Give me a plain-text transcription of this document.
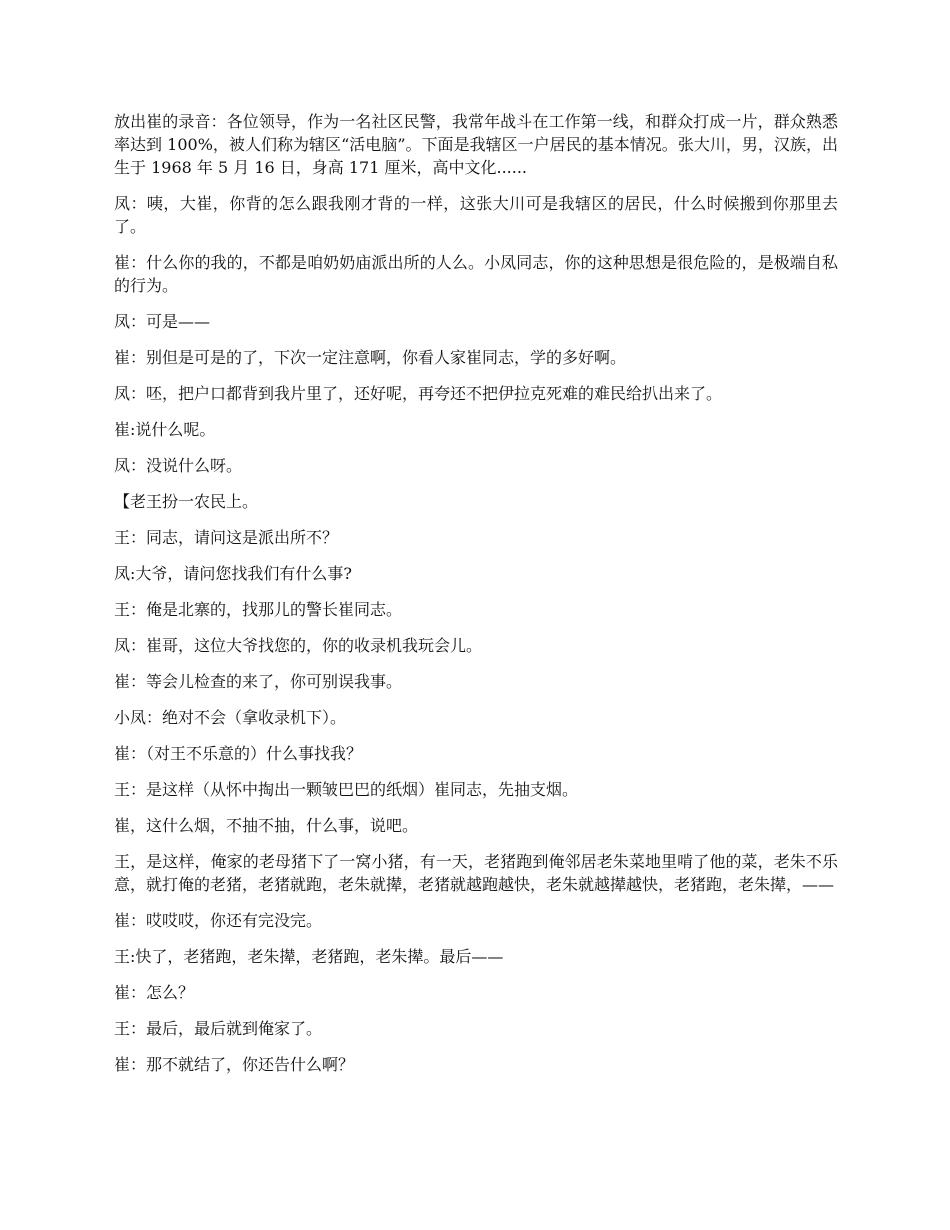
放出崔的录音：各位领导，作为一名社区民警，我常年战斗在工作第一线，和群众打成一片，群众熟悉率达到 100%，被人们称为辖区“活电脑”。下面是我辖区一户居民的基本情况。张大川，男，汉族，出生于 1968 年 5 月 16 日，身高 171 厘米，高中文化......

凤：咦，大崔，你背的怎么跟我刚才背的一样，这张大川可是我辖区的居民，什么时候搬到你那里去了。

崔：什么你的我的，不都是咱奶奶庙派出所的人么。小凤同志，你的这种思想是很危险的，是极端自私的行为。

凤：可是——

崔：别但是可是的了，下次一定注意啊，你看人家崔同志，学的多好啊。

凤：呸，把户口都背到我片里了，还好呢，再夸还不把伊拉克死难的难民给扒出来了。

崔:说什么呢。

凤：没说什么呀。

【老王扮一农民上。

王：同志，请问这是派出所不？

凤:大爷，请问您找我们有什么事?

王：俺是北寨的，找那儿的警长崔同志。

凤：崔哥，这位大爷找您的，你的收录机我玩会儿。

崔：等会儿检查的来了，你可别误我事。

小凤：绝对不会（拿收录机下）。

崔：（对王不乐意的）什么事找我？

王：是这样（从怀中掏出一颗皱巴巴的纸烟）崔同志，先抽支烟。

崔，这什么烟，不抽不抽，什么事，说吧。

王，是这样，俺家的老母猪下了一窝小猪，有一天，老猪跑到俺邻居老朱菜地里啃了他的菜，老朱不乐意，就打俺的老猪，老猪就跑，老朱就撵，老猪就越跑越快，老朱就越撵越快，老猪跑，老朱撵，——

崔：哎哎哎，你还有完没完。

王:快了，老猪跑，老朱撵，老猪跑，老朱撵。最后——

崔：怎么？

王：最后，最后就到俺家了。

崔：那不就结了，你还告什么啊？
